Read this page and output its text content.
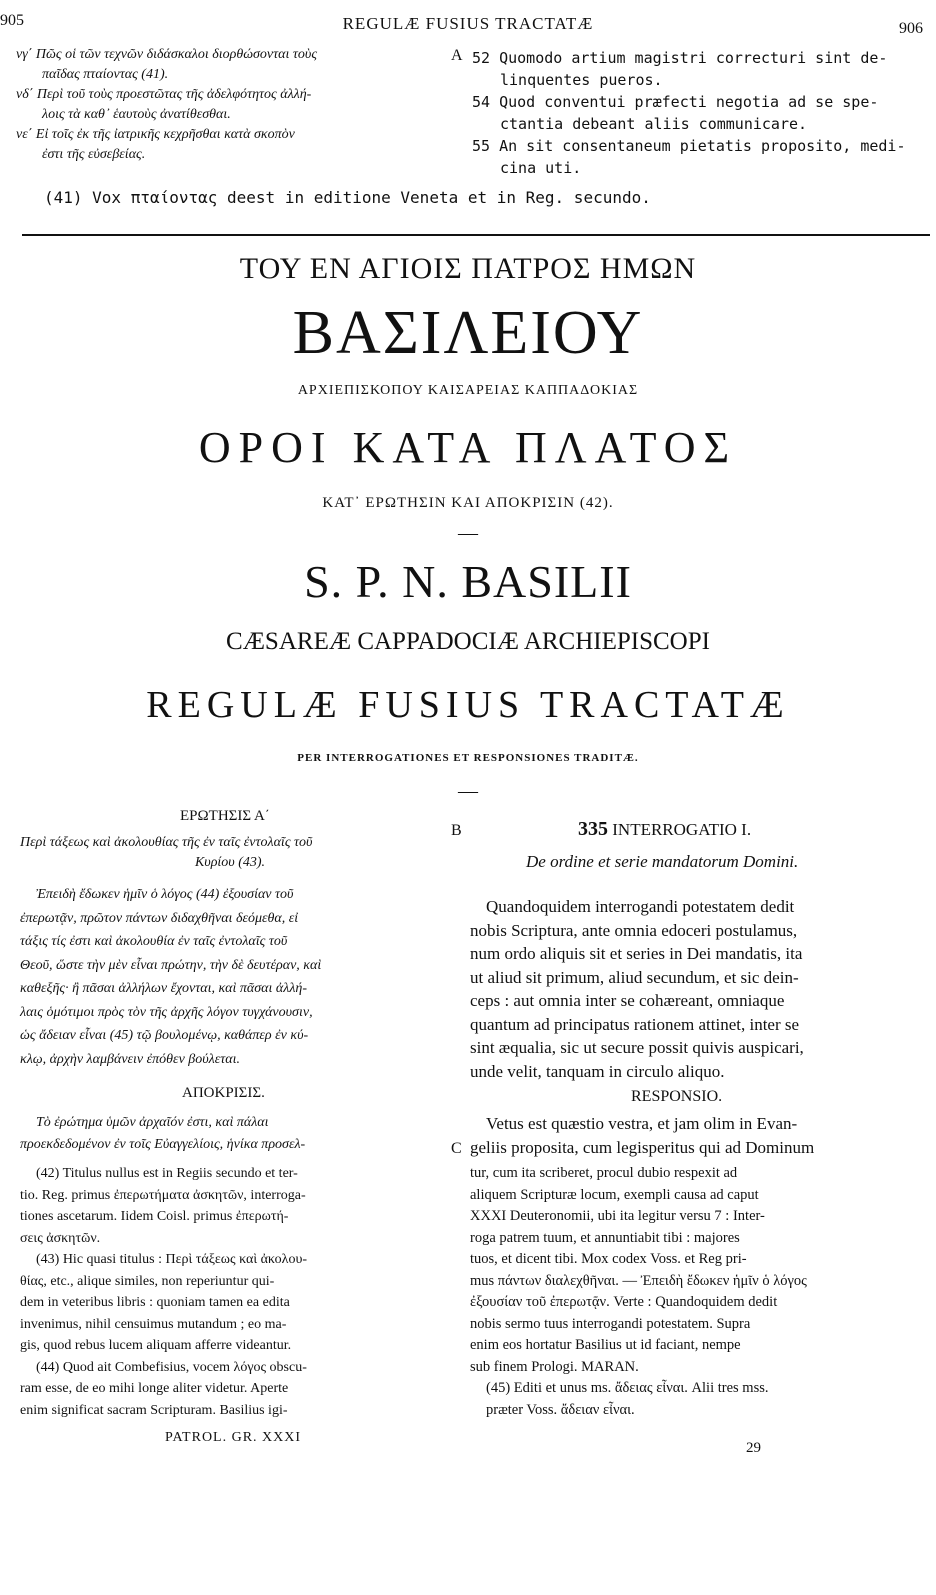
905	REGULÆ FUSIUS TRACTATÆ	906
νγ΄ Πῶς οἱ τῶν τεχνῶν διδάσκαλοι διορθώσονται τοὺς
παῖδας πταίοντας (41).
νδ΄ Περὶ τοῦ τοὺς προεστῶτας τῆς ἀδελφότητος ἀλλή-
λοις τὰ καθ᾽ ἑαυτοὺς ἀνατίθεσθαι.
νε΄ Εἰ τοῖς ἐκ τῆς ἰατρικῆς κεχρῆσθαι κατὰ σκοπὸν
ἐστι τῆς εὐσεβείας.
A 52 Quomodo artium magistri correcturi sint de-
linquentes pueros.
54 Quod conventui præfecti negotia ad se spe-
ctantia debeant aliis communicare.
55 An sit consentaneum pietatis proposito, medi-
cina uti.
(41) Vox πταίοντας deest in editione Veneta et in Reg. secundo.
ΤΟΥ ΕΝ ΑΓΙΟΙΣ ΠΑΤΡΟΣ ΗΜΩΝ
ΒΑΣΙΛΕΙΟΥ
ΑΡΧΙΕΠΙΣΚΟΠΟΥ ΚΑΙΣΑΡΕΙΑΣ ΚΑΠΠΑΔΟΚΙΑΣ
ΟΡΟΙ ΚΑΤΑ ΠΛΑΤΟΣ
ΚΑΤ᾽ ΕΡΩΤΗΣΙΝ ΚΑΙ ΑΠΟΚΡΙΣΙΝ (42).
—
S. P. N. BASILII
CÆSAREÆ CAPPADOCIÆ ARCHIEPISCOPI
REGULÆ FUSIUS TRACTATÆ
PER INTERROGATIONES ET RESPONSIONES TRADITÆ.
—
ΕΡΩΤΗΣΙΣ Α΄
Περὶ τάξεως καὶ ἀκολουθίας τῆς ἐν ταῖς ἐντολαῖς τοῦ
Κυρίου (43).
Ἐπειδὴ ἔδωκεν ἡμῖν ὁ λόγος (44) ἐξουσίαν τοῦ
ἐπερωτᾷν, πρῶτον πάντων διδαχθῆναι δεόμεθα, εἰ
τάξις τίς ἐστι καὶ ἀκολουθία ἐν ταῖς ἐντολαῖς τοῦ
Θεοῦ, ὥστε τὴν μὲν εἶναι πρώτην, τὴν δὲ δευτέραν, καὶ
καθεξῆς· ἢ πᾶσαι ἀλλήλων ἔχονται, καὶ πᾶσαι ἀλλή-
λαις ὁμότιμοι πρὸς τὸν τῆς ἀρχῆς λόγον τυγχάνουσιν,
ὡς ἄδειαν εἶναι (45) τῷ βουλομένῳ, καθάπερ ἐν κύ-
κλῳ, ἀρχὴν λαμβάνειν ἐπόθεν βούλεται.
ΑΠΟΚΡΙΣΙΣ.
Τὸ ἐρώτημα ὑμῶν ἀρχαῖόν ἐστι, καὶ πάλαι
προεκδεδομένον ἐν τοῖς Εὐαγγελίοις, ἡνίκα προσελ-
(42) Titulus nullus est in Regiis secundo et ter-
tio. Reg. primus ἐπερωτήματα ἀσκητῶν, interroga-
tiones ascetarum. Iidem Coisl. primus ἐπερωτή-
σεις ἀσκητῶν.
(43) Hic quasi titulus : Περὶ τάξεως καὶ ἀκολου-
θίας, etc., alique similes, non reperiuntur qui-
dem in veteribus libris : quoniam tamen ea edita
invenimus, nihil censuimus mutandum ; eo ma-
gis, quod rebus lucem aliquam afferre videantur.
(44) Quod ait Combefisius, vocem λόγος obscu-
ram esse, de eo mihi longe aliter videtur. Aperte
enim significat sacram Scripturam. Basilius igi-
PATROL. GR. XXXI
B
C
335 INTERROGATIO I.
De ordine et serie mandatorum Domini.
Quandoquidem interrogandi potestatem dedit
nobis Scriptura, ante omnia edoceri postulamus,
num ordo aliquis sit et series in Dei mandatis, ita
ut aliud sit primum, aliud secundum, et sic dein-
ceps : aut omnia inter se cohæreant, omniaque
quantum ad principatus rationem attinet, inter se
sint æqualia, sic ut secure possit quivis auspicari,
unde velit, tanquam in circulo aliquo.
RESPONSIO.
Vetus est quæstio vestra, et jam olim in Evan-
geliis proposita, cum legisperitus qui ad Dominum
tur, cum ita scriberet, procul dubio respexit ad
aliquem Scripturæ locum, exempli causa ad caput
XXXI Deuteronomii, ubi ita legitur versu 7 : Inter-
roga patrem tuum, et annuntiabit tibi : majores
tuos, et dicent tibi. Mox codex Voss. et Reg pri-
mus πάντων διαλεχθῆναι. — Ἐπειδὴ ἔδωκεν ἡμῖν ὁ λόγος
ἐξουσίαν τοῦ ἐπερωτᾷν. Verte : Quandoquidem dedit
nobis sermo tuus interrogandi potestatem. Supra
enim eos hortatur Basilius ut id faciant, nempe
sub finem Prologi. MARAN.
(45) Editi et unus ms. ἄδειας εἶναι. Alii tres mss.
præter Voss. ἄδειαν εἶναι.
29
